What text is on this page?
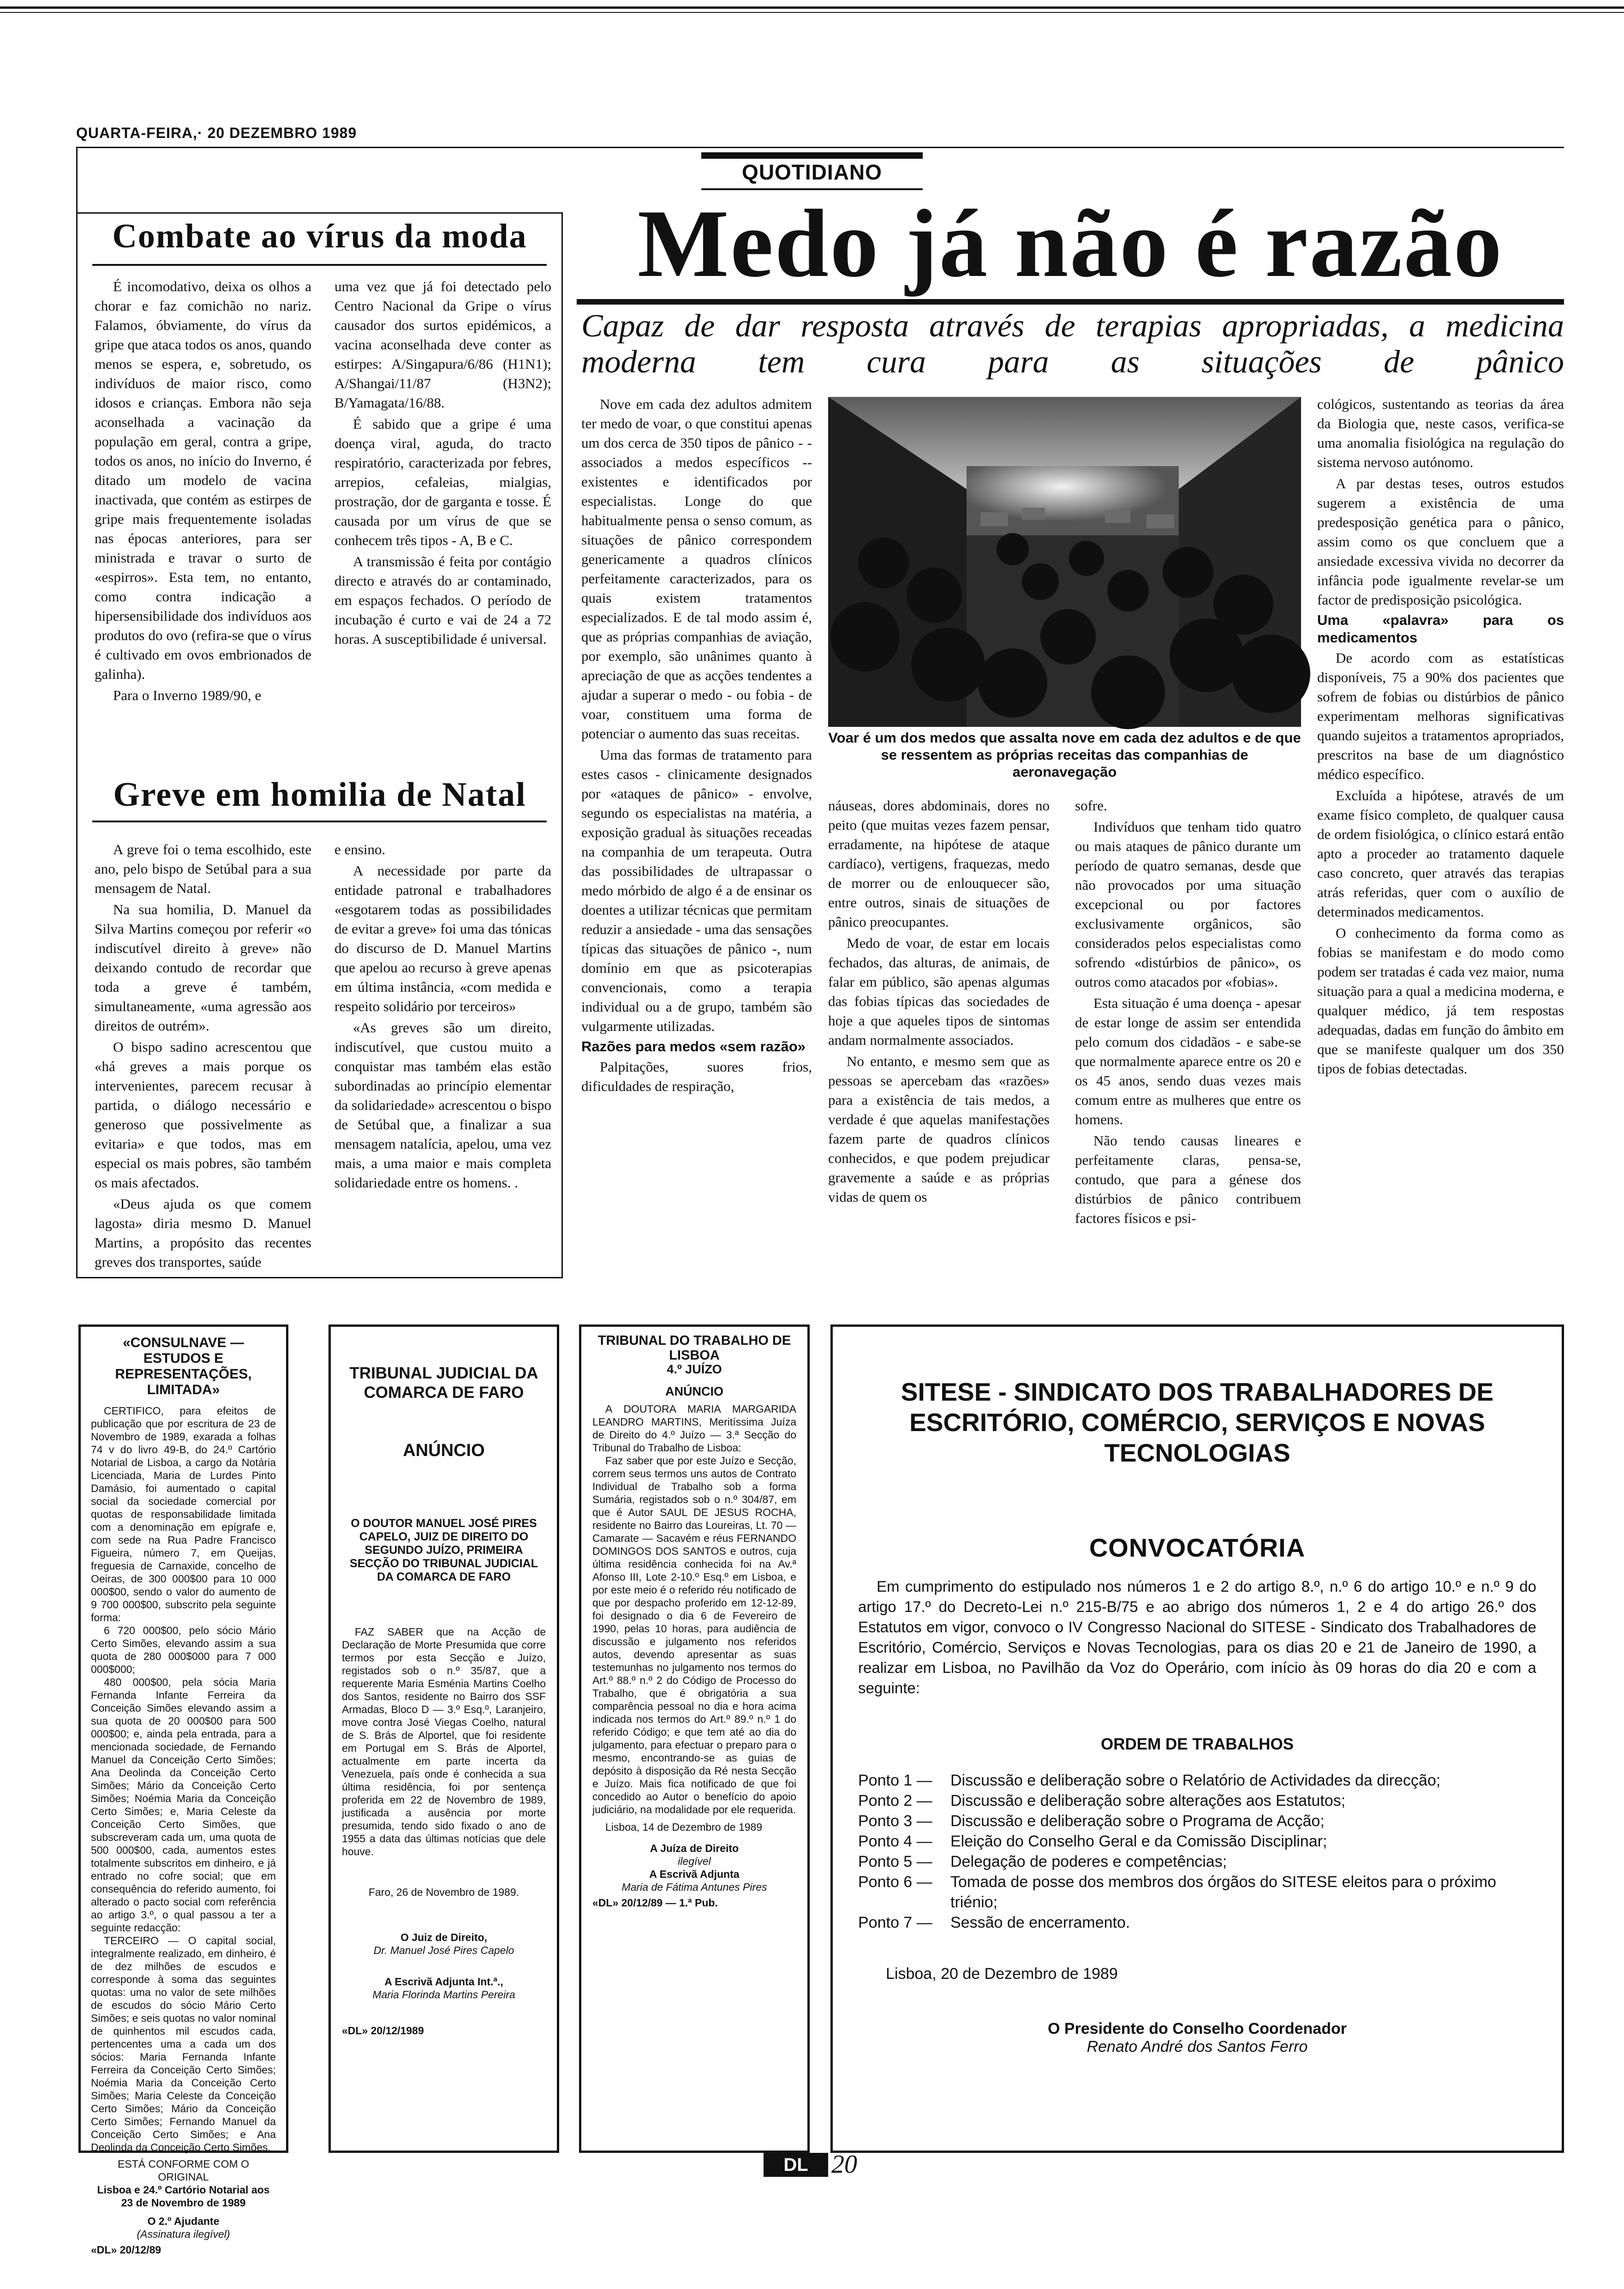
QUARTA-FEIRA,· 20 DEZEMBRO 1989
QUOTIDIANO
Combate ao vírus da moda

É incomodativo, deixa os olhos a chorar e faz comichão no nariz. Falamos, óbviamente, do vírus da gripe que ataca todos os anos, quando menos se espera, e, sobretudo, os indivíduos de maior risco, como idosos e crianças. Embora não seja aconselhada a vacinação da população em geral, contra a gripe, todos os anos, no início do Inverno, é ditado um modelo de vacina inactivada, que contém as estirpes de gripe mais frequentemente isoladas nas épocas anteriores, para ser ministrada e travar o surto de «espirros». Esta tem, no entanto, como contra indicação a hipersensibilidade dos indivíduos aos produtos do ovo (refira-se que o vírus é cultivado em ovos embrionados de galinha).

Para o Inverno 1989/90, e

uma vez que já foi detectado pelo Centro Nacional da Gripe o vírus causador dos surtos epidémicos, a vacina aconselhada deve conter as estirpes: A/Singapura/6/86 (H1N1); A/Shangai/11/87 (H3N2); B/Yamagata/16/88.

É sabido que a gripe é uma doença viral, aguda, do tracto respiratório, caracterizada por febres, arrepios, cefaleias, mialgias, prostração, dor de garganta e tosse. É causada por um vírus de que se conhecem três tipos - A, B e C.

A transmissão é feita por contágio directo e através do ar contaminado, em espaços fechados. O período de incubação é curto e vai de 24 a 72 horas. A susceptibilidade é universal.

Greve em homilia de Natal

A greve foi o tema escolhido, este ano, pelo bispo de Setúbal para a sua mensagem de Natal.

Na sua homilia, D. Manuel da Silva Martins começou por referir «o indiscutível direito à greve» não deixando contudo de recordar que toda a greve é também, simultaneamente, «uma agressão aos direitos de outrém».

O bispo sadino acrescentou que «há greves a mais porque os intervenientes, parecem recusar à partida, o diálogo necessário e generoso que possivelmente as evitaria» e que todos, mas em especial os mais pobres, são também os mais afectados.

«Deus ajuda os que comem lagosta» diria mesmo D. Manuel Martins, a propósito das recentes greves dos transportes, saúde

e ensino.

A necessidade por parte da entidade patronal e trabalhadores «esgotarem todas as possibilidades de evitar a greve» foi uma das tónicas do discurso de D. Manuel Martins que apelou ao recurso à greve apenas em última instância, «com medida e respeito solidário por terceiros»

«As greves são um direito, indiscutível, que custou muito a conquistar mas também elas estão subordinadas ao princípio elementar da solidariedade» acrescentou o bispo de Setúbal que, a finalizar a sua mensagem natalícia, apelou, uma vez mais, a uma maior e mais completa solidariedade entre os homens. .

Medo já não é razão
Capaz de dar resposta através de terapias apropriadas, a medicina moderna tem cura para as situações de pânico
Voar é um dos medos que assalta nove em cada dez adultos e de que se ressentem as próprias receitas das companhias de aeronavegação

Nove em cada dez adultos admitem ter medo de voar, o que constitui apenas um dos cerca de 350 tipos de pânico - - associados a medos específicos -- existentes e identificados por especialistas. Longe do que habitualmente pensa o senso comum, as situações de pânico correspondem genericamente a quadros clínicos perfeitamente caracterizados, para os quais existem tratamentos especializados. E de tal modo assim é, que as próprias companhias de aviação, por exemplo, são unânimes quanto à apreciação de que as acções tendentes a ajudar a superar o medo - ou fobia - de voar, constituem uma forma de potenciar o aumento das suas receitas.

Uma das formas de tratamento para estes casos - clinicamente designados por «ataques de pânico» - envolve, segundo os especialistas na matéria, a exposição gradual às situações receadas na companhia de um terapeuta. Outra das possibilidades de ultrapassar o medo mórbido de algo é a de ensinar os doentes a utilizar técnicas que permitam reduzir a ansiedade - uma das sensações típicas das situações de pânico -, num domínio em que as psicoterapias convencionais, como a terapia individual ou a de grupo, também são vulgarmente utilizadas.

Razões para medos «sem razão»

Palpitações, suores frios, dificuldades de respiração,

náuseas, dores abdominais, dores no peito (que muitas vezes fazem pensar, erradamente, na hipótese de ataque cardíaco), vertigens, fraquezas, medo de morrer ou de enlouquecer são, entre outros, sinais de situações de pânico preocupantes.

Medo de voar, de estar em locais fechados, das alturas, de animais, de falar em público, são apenas algumas das fobias típicas das sociedades de hoje a que aqueles tipos de sintomas andam normalmente associados.

No entanto, e mesmo sem que as pessoas se apercebam das «razões» para a existência de tais medos, a verdade é que aquelas manifestações fazem parte de quadros clínicos conhecidos, e que podem prejudicar gravemente a saúde e as próprias vidas de quem os

sofre.

Indivíduos que tenham tido quatro ou mais ataques de pânico durante um período de quatro semanas, desde que não provocados por uma situação excepcional ou por factores exclusivamente orgânicos, são considerados pelos especialistas como sofrendo «distúrbios de pânico», os outros como atacados por «fobias».

Esta situação é uma doença - apesar de estar longe de assim ser entendida pelo comum dos cidadãos - e sabe-se que normalmente aparece entre os 20 e os 45 anos, sendo duas vezes mais comum entre as mulheres que entre os homens.

Não tendo causas lineares e perfeitamente claras, pensa-se, contudo, que para a génese dos distúrbios de pânico contribuem factores físicos e psi-

cológicos, sustentando as teorias da área da Biologia que, neste casos, verifica-se uma anomalia fisiológica na regulação do sistema nervoso autónomo.

A par destas teses, outros estudos sugerem a existência de uma predesposição genética para o pânico, assim como os que concluem que a ansiedade excessiva vivida no decorrer da infância pode igualmente revelar-se um factor de predisposição psicológica.

Uma «palavra» para os medicamentos

De acordo com as estatísticas disponíveis, 75 a 90% dos pacientes que sofrem de fobias ou distúrbios de pânico experimentam melhoras significativas quando sujeitos a tratamentos apropriados, prescritos na base de um diagnóstico médico específico.

Excluída a hipótese, através de um exame físico completo, de qualquer causa de ordem fisiológica, o clínico estará então apto a proceder ao tratamento daquele caso concreto, quer através das terapias atrás referidas, quer com o auxílio de determinados medicamentos.

O conhecimento da forma como as fobias se manifestam e do modo como podem ser tratadas é cada vez maior, numa situação para a qual a medicina moderna, e qualquer médico, já tem respostas adequadas, dadas em função do âmbito em que se manifeste qualquer um dos 350 tipos de fobias detectadas.

«CONSULNAVE — ESTUDOS E REPRESENTAÇÕES, LIMITADA»

CERTIFICO, para efeitos de publicação que por escritura de 23 de Novembro de 1989, exarada a folhas 74 v do livro 49-B, do 24.º Cartório Notarial de Lisboa, a cargo da Notária Licenciada, Maria de Lurdes Pinto Damásio, foi aumentado o capital social da sociedade comercial por quotas de responsabilidade limitada com a denominação em epígrafe e, com sede na Rua Padre Francisco Figueira, número 7, em Queijas, freguesia de Carnaxide, concelho de Oeiras, de 300 000$00 para 10 000 000$00, sendo o valor do aumento de 9 700 000$00, subscrito pela seguinte forma:

6 720 000$00, pelo sócio Mário Certo Simões, elevando assim a sua quota de 280 000$000 para 7 000 000$000;

480 000$00, pela sócia Maria Fernanda Infante Ferreira da Conceição Simões elevando assim a sua quota de 20 000$00 para 500 000$00; e, ainda pela entrada, para a mencionada sociedade, de Fernando Manuel da Conceição Certo Simões; Ana Deolinda da Conceição Certo Simões; Mário da Conceição Certo Simões; Noémia Maria da Conceição Certo Simões; e, Maria Celeste da Conceição Certo Simões, que subscreveram cada um, uma quota de 500 000$00, cada, aumentos estes totalmente subscritos em dinheiro, e já entrado no cofre social; que em consequência do referido aumento, foi alterado o pacto social com referência ao artigo 3.º, o qual passou a ter a seguinte redacção:

TERCEIRO — O capital social, integralmente realizado, em dinheiro, é de dez milhões de escudos e corresponde à soma das seguintes quotas: uma no valor de sete milhões de escudos do sócio Mário Certo Simões; e seis quotas no valor nominal de quinhentos mil escudos cada, pertencentes uma a cada um dos sócios: Maria Fernanda Infante Ferreira da Conceição Certo Simões; Noémia Maria da Conceição Certo Simões; Maria Celeste da Conceição Certo Simões; Mário da Conceição Certo Simões; Fernando Manuel da Conceição Certo Simões; e Ana Deolinda da Conceição Certo Simões.

ESTÁ CONFORME COM O ORIGINAL

Lisboa e 24.º Cartório Notarial aos 23 de Novembro de 1989

O 2.º Ajudante

(Assinatura ilegível)

«DL» 20/12/89

TRIBUNAL JUDICIAL DA COMARCA DE FARO

ANÚNCIO

O DOUTOR MANUEL JOSÉ PIRES CAPELO, JUIZ DE DIREITO DO SEGUNDO JUÍZO, PRIMEIRA SECÇÃO DO TRIBUNAL JUDICIAL DA COMARCA DE FARO

FAZ SABER que na Acção de Declaração de Morte Presumida que corre termos por esta Secção e Juízo, registados sob o n.º 35/87, que a requerente Maria Esménia Martins Coelho dos Santos, residente no Bairro dos SSF Armadas, Bloco D — 3.º Esq.º, Laranjeiro, move contra José Viegas Coelho, natural de S. Brás de Alportel, que foi residente em Portugal em S. Brás de Alportel, actualmente em parte incerta da Venezuela, país onde é conhecida a sua última residência, foi por sentença proferida em 22 de Novembro de 1989, justificada a ausência por morte presumida, tendo sido fixado o ano de 1955 a data das últimas notícias que dele houve.

Faro, 26 de Novembro de 1989.

O Juiz de Direito,

Dr. Manuel José Pires Capelo

A Escrivã Adjunta Int.ª.,

Maria Florinda Martins Pereira

«DL» 20/12/1989

TRIBUNAL DO TRABALHO DE LISBOA

4.º JUÍZO

ANÚNCIO

A DOUTORA MARIA MARGARIDA LEANDRO MARTINS, Meritíssima Juíza de Direito do 4.º Juízo — 3.ª Secção do Tribunal do Trabalho de Lisboa:

Faz saber que por este Juízo e Secção, correm seus termos uns autos de Contrato Individual de Trabalho sob a forma Sumária, registados sob o n.º 304/87, em que é Autor SAUL DE JESUS ROCHA, residente no Bairro das Loureiras, Lt. 70 — Camarate — Sacavém e réus FERNANDO DOMINGOS DOS SANTOS e outros, cuja última residência conhecida foi na Av.ª Afonso III, Lote 2-10.º Esq.º em Lisboa, e por este meio é o referido réu notificado de que por despacho proferido em 12-12-89, foi designado o dia 6 de Fevereiro de 1990, pelas 10 horas, para audiência de discussão e julgamento nos referidos autos, devendo apresentar as suas testemunhas no julgamento nos termos do Art.º 88.º n.º 2 do Código de Processo do Trabalho, que é obrigatória a sua comparência pessoal no dia e hora acima indicada nos termos do Art.º 89.º n.º 1 do referido Código; e que tem até ao dia do julgamento, para efectuar o preparo para o mesmo, encontrando-se as guias de depósito à disposição da Ré nesta Secção e Juízo. Mais fica notificado de que foi concedido ao Autor o benefício do apoio judiciário, na modalidade por ele requerida.

Lisboa, 14 de Dezembro de 1989

A Juíza de Direito

ilegível

A Escrivã Adjunta

Maria de Fátima Antunes Pires

«DL» 20/12/89 — 1.ª Pub.

SITESE - SINDICATO DOS TRABALHADORES DE ESCRITÓRIO, COMÉRCIO, SERVIÇOS E NOVAS TECNOLOGIAS

CONVOCATÓRIA

Em cumprimento do estipulado nos números 1 e 2 do artigo 8.º, n.º 6 do artigo 10.º e n.º 9 do artigo 17.º do Decreto-Lei n.º 215-B/75 e ao abrigo dos números 1, 2 e 4 do artigo 26.º dos Estatutos em vigor, convoco o IV Congresso Nacional do SITESE - Sindicato dos Trabalhadores de Escritório, Comércio, Serviços e Novas Tecnologias, para os dias 20 e 21 de Janeiro de 1990, a realizar em Lisboa, no Pavilhão da Voz do Operário, com início às 09 horas do dia 20 e com a seguinte:

ORDEM DE TRABALHOS

Ponto 1 —	Discussão e deliberação sobre o Relatório de Actividades da direcção;
Ponto 2 —	Discussão e deliberação sobre alterações aos Estatutos;
Ponto 3 —	Discussão e deliberação sobre o Programa de Acção;
Ponto 4 —	Eleição do Conselho Geral e da Comissão Disciplinar;
Ponto 5 —	Delegação de poderes e competências;
Ponto 6 —	Tomada de posse dos membros dos órgãos do SITESE eleitos para o próximo triénio;
Ponto 7 —	Sessão de encerramento.

Lisboa, 20 de Dezembro de 1989

O Presidente do Conselho Coordenador

Renato André dos Santos Ferro

DL 20
